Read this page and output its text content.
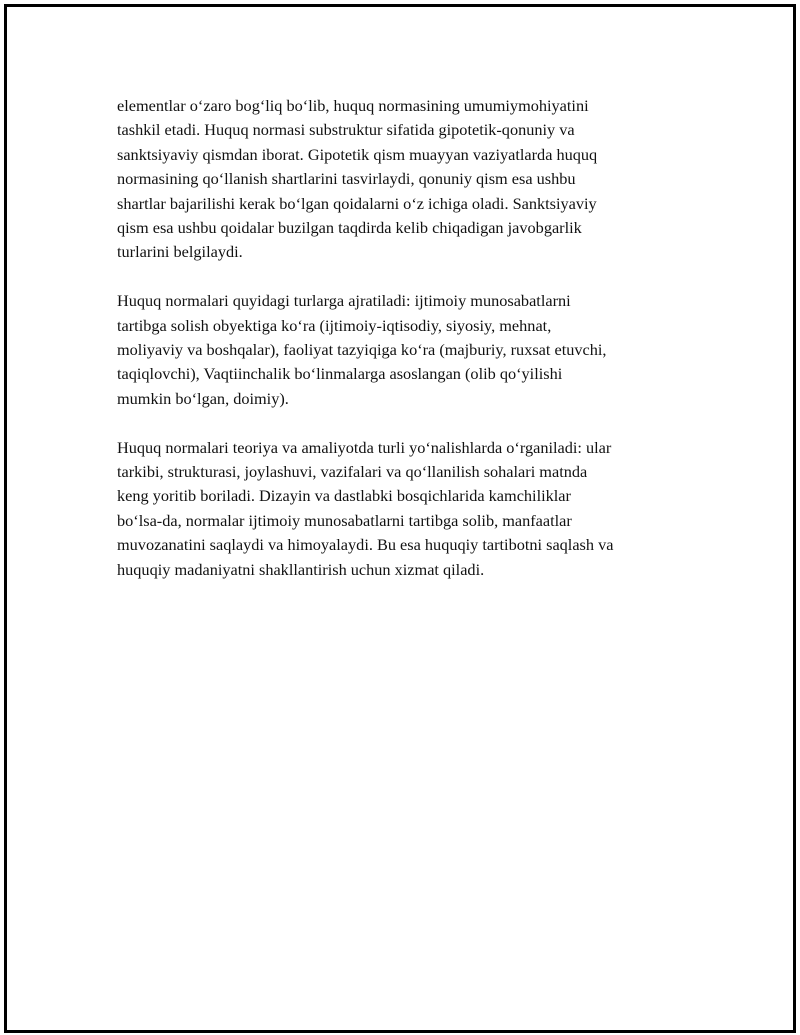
elementlar o‘zaro bog‘liq bo‘lib, huquq normasining umumiymohiyatini
tashkil etadi. Huquq normasi substruktur sifatida gipotetik-qonuniy va
sanktsiyaviy qismdan iborat. Gipotetik qism muayyan vaziyatlarda huquq
normasining qo‘llanish shartlarini tasvirlaydi, qonuniy qism esa ushbu
shartlar bajarilishi kerak bo‘lgan qoidalarni o‘z ichiga oladi. Sanktsiyaviy
qism esa ushbu qoidalar buzilgan taqdirda kelib chiqadigan javobgarlik
turlarini belgilaydi.

Huquq normalari quyidagi turlarga ajratiladi: ijtimoiy munosabatlarni
tartibga solish obyektiga ko‘ra (ijtimoiy-iqtisodiy, siyosiy, mehnat,
moliyaviy va boshqalar), faoliyat tazyiqiga ko‘ra (majburiy, ruxsat etuvchi,
taqiqlovchi), Vaqtiinchalik bo‘linmalarga asoslangan (olib qo‘yilishi
mumkin bo‘lgan, doimiy).

Huquq normalari teoriya va amaliyotda turli yo‘nalishlarda o‘rganiladi: ular
tarkibi, strukturasi, joylashuvi, vazifalari va qo‘llanilish sohalari matnda
keng yoritib boriladi. Dizayin va dastlabki bosqichlarida kamchiliklar
bo‘lsa-da, normalar ijtimoiy munosabatlarni tartibga solib, manfaatlar
muvozanatini saqlaydi va himoyalaydi. Bu esa huquqiy tartibotni saqlash va
huquqiy madaniyatni shakllantirish uchun xizmat qiladi.
